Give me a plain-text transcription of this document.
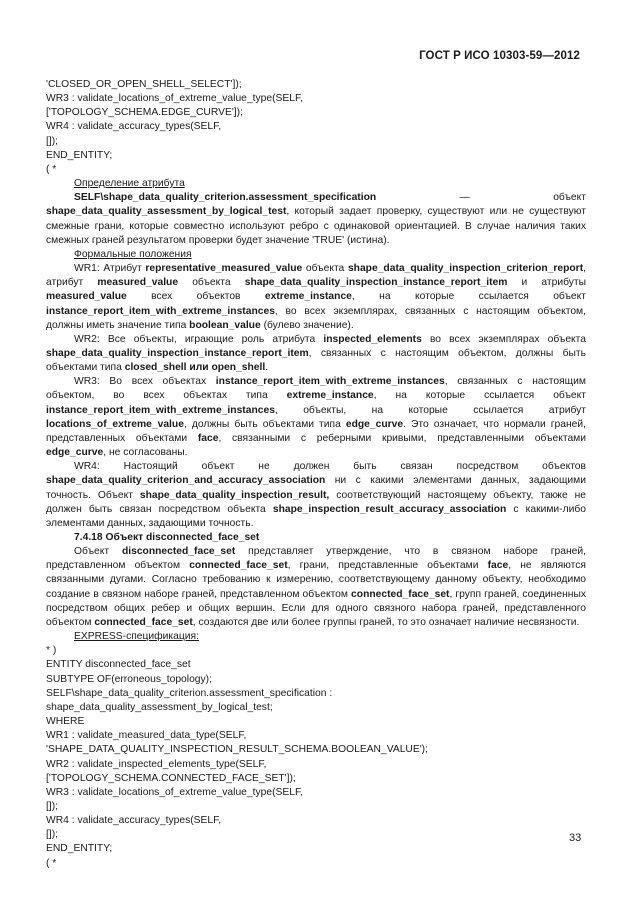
ГОСТ Р ИСО 10303-59—2012
'CLOSED_OR_OPEN_SHELL_SELECT']);
WR3 : validate_locations_of_extreme_value_type(SELF,
['TOPOLOGY_SCHEMA.EDGE_CURVE']);
WR4 : validate_accuracy_types(SELF,
[]);
END_ENTITY;
( *
Определение атрибута
SELF\shape_data_quality_criterion.assessment_specification — объект shape_data_quality_assessment_by_logical_test, который задает проверку, существуют или не существуют смежные грани, которые совместно используют ребро с одинаковой ориентацией. В случае наличия таких смежных граней результатом проверки будет значение 'TRUE' (истина).
Формальные положения
WR1: Атрибут representative_measured_value объекта shape_data_quality_inspection_criterion_report, атрибут measured_value объекта shape_data_quality_inspection_instance_report_item и атрибуты measured_value всех объектов extreme_instance, на которые ссылается объект instance_report_item_with_extreme_instances, во всех экземплярах, связанных с настоящим объектом, должны иметь значение типа boolean_value (булево значение).
WR2: Все объекты, играющие роль атрибута inspected_elements во всех экземплярах объекта shape_data_quality_inspection_instance_report_item, связанных с настоящим объектом, должны быть объектами типа closed_shell или open_shell.
WR3: Во всех объектах instance_report_item_with_extreme_instances, связанных с настоящим объектом, во всех объектах типа extreme_instance, на которые ссылается объект instance_report_item_with_extreme_instances, объекты, на которые ссылается атрибут locations_of_extreme_value, должны быть объектами типа edge_curve. Это означает, что нормали граней, представленных объектами face, связанными с реберными кривыми, представленными объектами edge_curve, не согласованы.
WR4: Настоящий объект не должен быть связан посредством объектов shape_data_quality_criterion_and_accuracy_association ни с какими элементами данных, задающими точность. Объект shape_data_quality_inspection_result, соответствующий настоящему объекту, также не должен быть связан посредством объекта shape_inspection_result_accuracy_association с какими-либо элементами данных, задающими точность.
7.4.18 Объект disconnected_face_set
Объект disconnected_face_set представляет утверждение, что в связном наборе граней, представленном объектом connected_face_set, грани, представленные объектами face, не являются связанными дугами. Согласно требованию к измерению, соответствующему данному объекту, необходимо создание в связном наборе граней, представленном объектом connected_face_set, групп граней, соединенных посредством общих ребер и общих вершин. Если для одного связного набора граней, представленного объектом connected_face_set, создаются две или более группы граней, то это означает наличие несвязности.
EXPRESS-спецификация:
* )
ENTITY disconnected_face_set
SUBTYPE OF(erroneous_topology);
SELF\shape_data_quality_criterion.assessment_specification :
shape_data_quality_assessment_by_logical_test;
WHERE
WR1 : validate_measured_data_type(SELF,
'SHAPE_DATA_QUALITY_INSPECTION_RESULT_SCHEMA.BOOLEAN_VALUE');
WR2 : validate_inspected_elements_type(SELF,
['TOPOLOGY_SCHEMA.CONNECTED_FACE_SET']);
WR3 : validate_locations_of_extreme_value_type(SELF,
[]);
WR4 : validate_accuracy_types(SELF,
[]);
END_ENTITY;
( *
33
